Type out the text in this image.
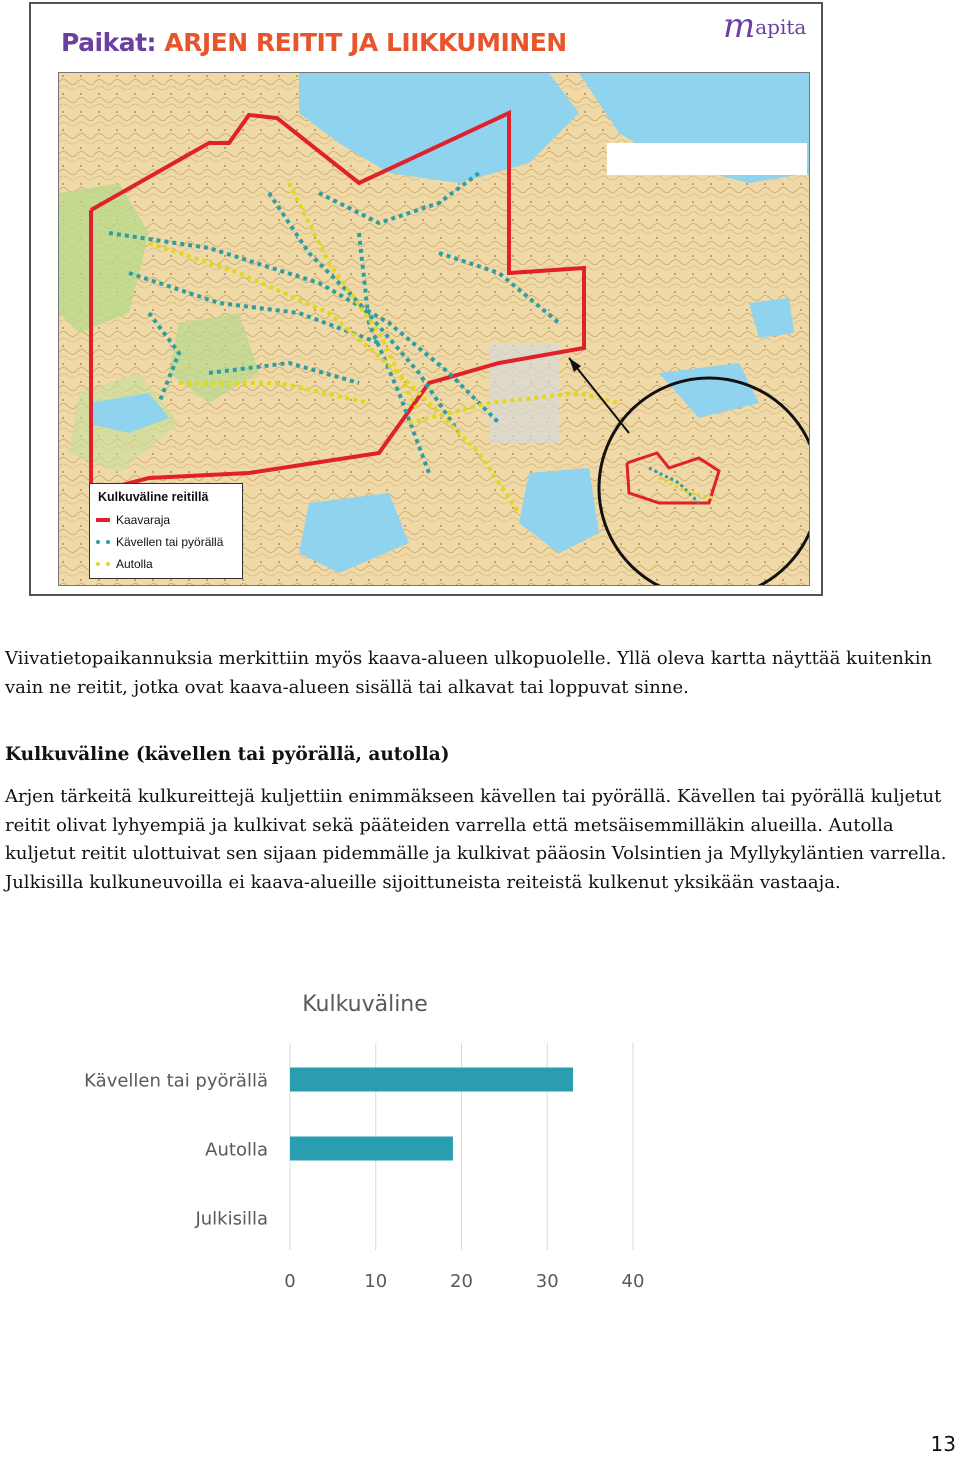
Paikat: ARJEN REITIT JA LIIKKUMINEN	mapita
Kulkuväline reitillä
Kaavaraja
Kävellen tai pyörällä
Autolla

Viivatietopaikannuksia merkittiin myös kaava-alueen ulkopuolelle. Yllä oleva kartta näyttää kuitenkin vain ne reitit, jotka ovat kaava-alueen sisällä tai alkavat tai loppuvat sinne.

Kulkuväline (kävellen tai pyörällä, autolla)

Arjen tärkeitä kulkureittejä kuljettiin enimmäkseen kävellen tai pyörällä. Kävellen tai pyörällä kuljetut reitit olivat lyhyempiä ja kulkivat sekä pääteiden varrella että metsäisemmilläkin alueilla. Autolla kuljetut reitit ulottuivat sen sijaan pidemmälle ja kulkivat pääosin Volsintien ja Myllykyläntien varrella. Julkisilla kulkuneuvoilla ei kaava-alueille sijoittuneista reiteistä kulkenut yksikään vastaaja.

Kulkuväline
Kävellen tai pyörällä
Autolla
Julkisilla
0	10	20	30	40
13
